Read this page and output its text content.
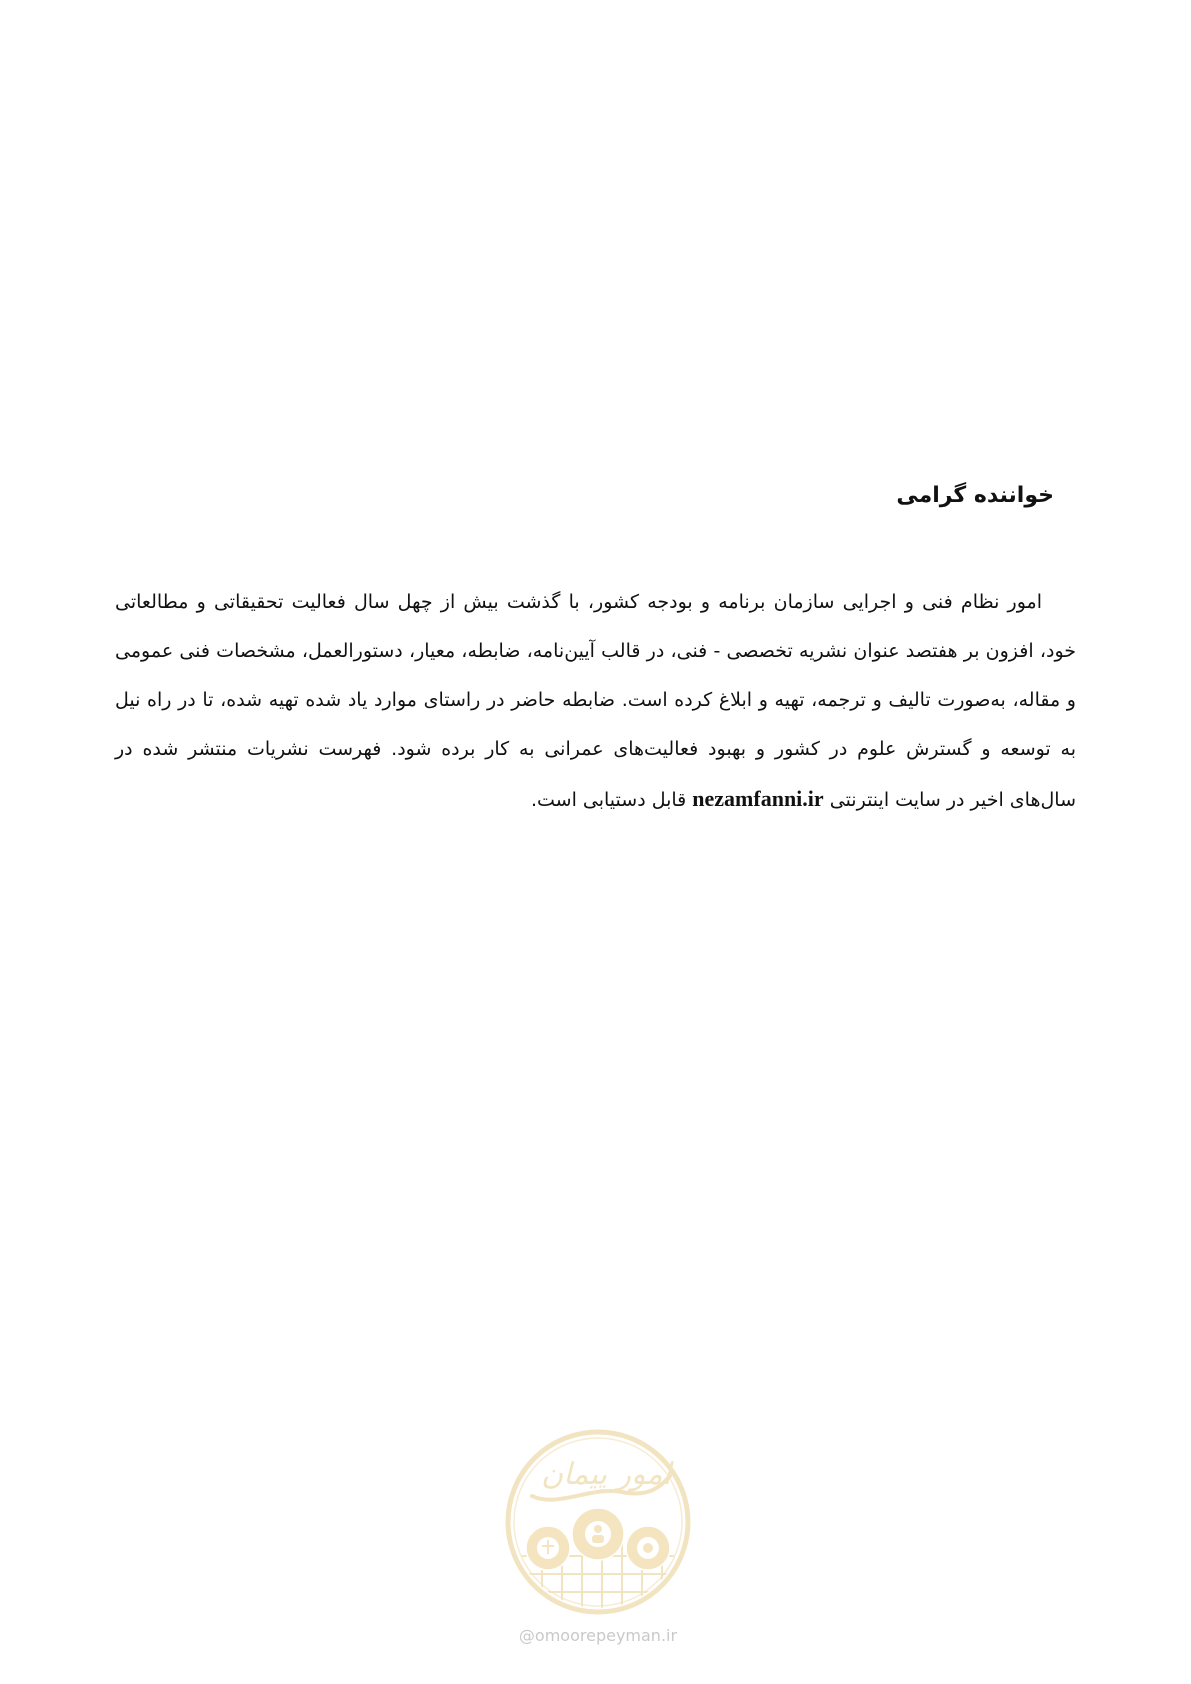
خواننده گرامی

امور نظام فنی و اجرایی سازمان برنامه و بودجه کشور، با گذشت بیش از چهل سال فعالیت تحقیقاتی و مطالعاتی خود، افزون بر هفتصد عنوان نشریه تخصصی - فنی، در قالب آیین‌نامه، ضابطه، معیار، دستورالعمل، مشخصات فنی عمومی و مقاله، به‌صورت تالیف و ترجمه، تهیه و ابلاغ کرده است. ضابطه حاضر در راستای موارد یاد شده تهیه شده، تا در راه نیل به توسعه و گسترش علوم در کشور و بهبود فعالیت‌های عمرانی به کار برده شود. فهرست نشریات منتشر شده در سال‌های اخیر در سایت اینترنتی nezamfanni.ir قابل دستیابی است.

امور پیمان
@omoorepeyman.ir
